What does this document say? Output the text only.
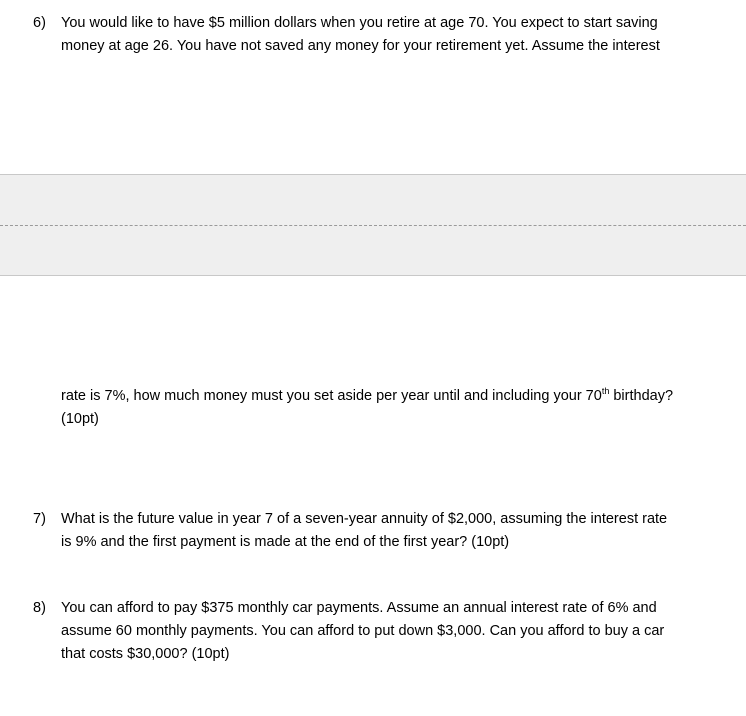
6)	You would like to have $5 million dollars when you retire at age 70. You expect to start saving
money at age 26. You have not saved any money for your retirement yet. Assume the interest

rate is 7%, how much money must you set aside per year until and including your 70th birthday?
(10pt)

7)	What is the future value in year 7 of a seven-year annuity of $2,000, assuming the interest rate
is 9% and the first payment is made at the end of the first year? (10pt)

8)	You can afford to pay $375 monthly car payments. Assume an annual interest rate of 6% and
assume 60 monthly payments. You can afford to put down $3,000. Can you afford to buy a car
that costs $30,000? (10pt)
